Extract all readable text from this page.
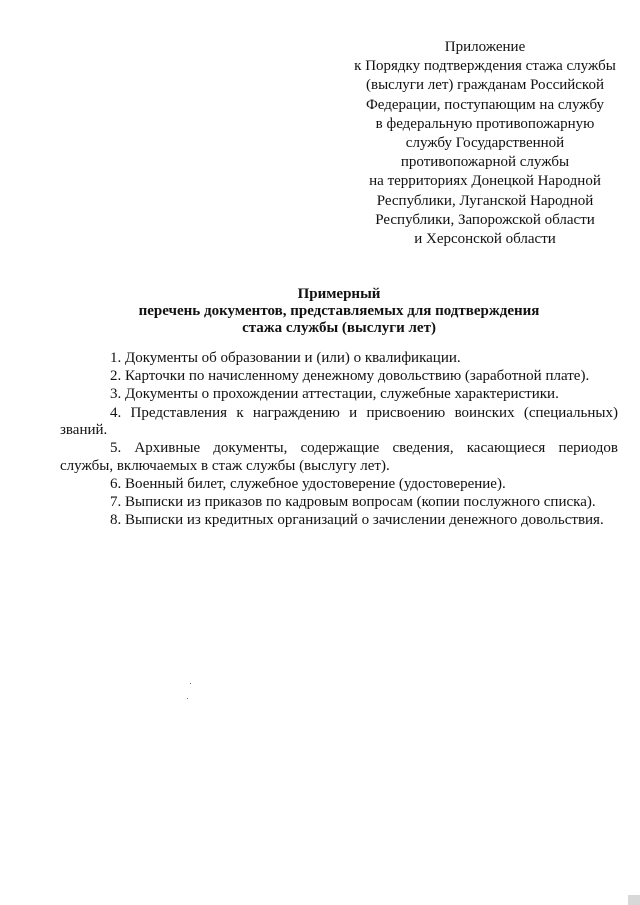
Приложение
к Порядку подтверждения стажа службы
(выслуги лет) гражданам Российской
Федерации, поступающим на службу
в федеральную противопожарную
службу Государственной
противопожарной службы
на территориях Донецкой Народной
Республики, Луганской Народной
Республики, Запорожской области
и Херсонской области
Примерный
перечень документов, представляемых для подтверждения
стажа службы (выслуги лет)

1. Документы об образовании и (или) о квалификации.

2. Карточки по начисленному денежному довольствию (заработной плате).

3. Документы о прохождении аттестации, служебные характеристики.

4. Представления к награждению и присвоению воинских (специальных) званий.

5. Архивные документы, содержащие сведения, касающиеся периодов службы, включаемых в стаж службы (выслугу лет).

6. Военный билет, служебное удостоверение (удостоверение).

7. Выписки из приказов по кадровым вопросам (копии послужного списка).

8. Выписки из кредитных организаций о зачислении денежного довольствия.
